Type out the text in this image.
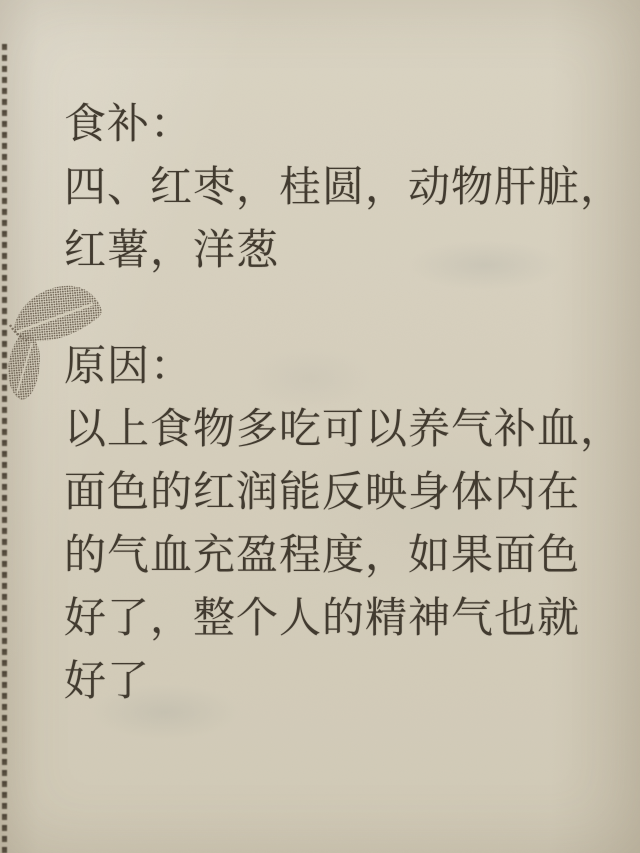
食补：
四、红枣，桂圆，动物肝脏，
红薯，洋葱
原因：
以上食物多吃可以养气补血，
面色的红润能反映身体内在
的气血充盈程度，如果面色
好了，整个人的精神气也就
好了
